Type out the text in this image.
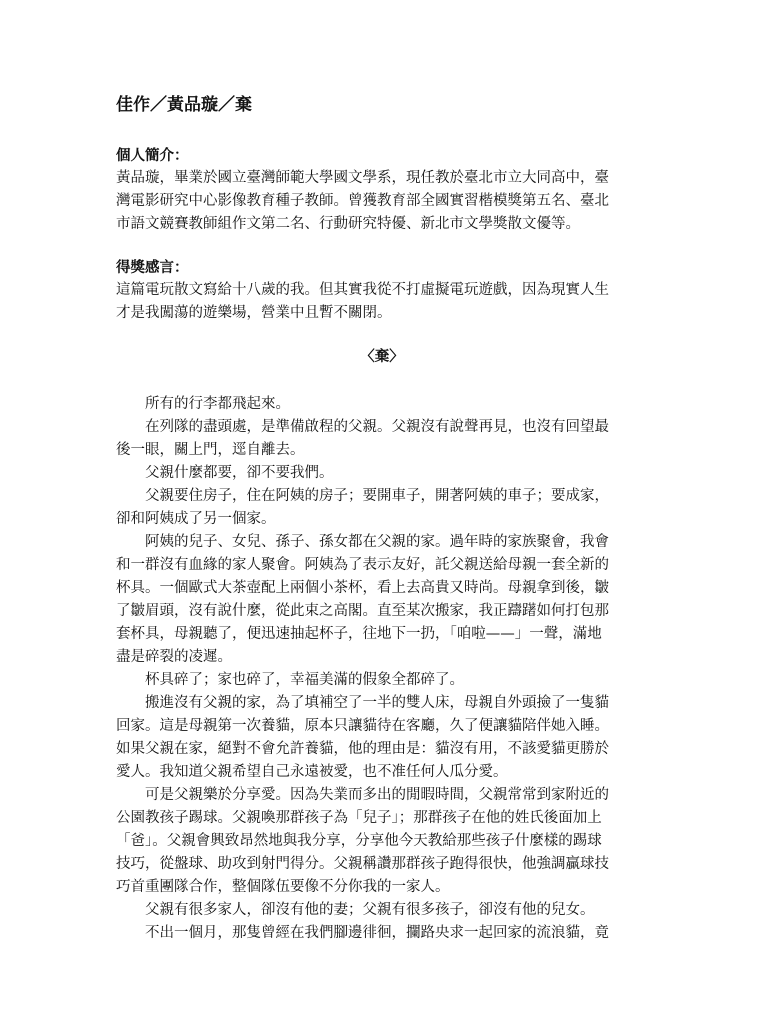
佳作／黃品璇／棄
個人簡介：
黃品璇，畢業於國立臺灣師範大學國文學系，現任教於臺北市立大同高中，臺
灣電影研究中心影像教育種子教師。曾獲教育部全國實習楷模獎第五名、臺北
市語文競賽教師組作文第二名、行動研究特優、新北市文學獎散文優等。
得獎感言：
這篇電玩散文寫給十八歲的我。但其實我從不打虛擬電玩遊戲，因為現實人生
才是我闖蕩的遊樂場，營業中且暫不關閉。
〈棄〉
所有的行李都飛起來。
在列隊的盡頭處，是準備啟程的父親。父親沒有說聲再見，也沒有回望最
後一眼，關上門，逕自離去。
父親什麼都要，卻不要我們。
父親要住房子，住在阿姨的房子；要開車子，開著阿姨的車子；要成家，
卻和阿姨成了另一個家。
阿姨的兒子、女兒、孫子、孫女都在父親的家。過年時的家族聚會，我會
和一群沒有血緣的家人聚會。阿姨為了表示友好，託父親送給母親一套全新的
杯具。一個歐式大茶壺配上兩個小茶杯，看上去高貴又時尚。母親拿到後，皺
了皺眉頭，沒有說什麼，從此束之高閣。直至某次搬家，我正躊躇如何打包那
套杯具，母親聽了，便迅速抽起杯子，往地下一扔，「咱啦——」一聲，滿地
盡是碎裂的凌遲。
杯具碎了；家也碎了，幸福美滿的假象全都碎了。
搬進沒有父親的家，為了填補空了一半的雙人床，母親自外頭撿了一隻貓
回家。這是母親第一次養貓，原本只讓貓待在客廳，久了便讓貓陪伴她入睡。
如果父親在家，絕對不會允許養貓，他的理由是：貓沒有用，不該愛貓更勝於
愛人。我知道父親希望自己永遠被愛，也不准任何人瓜分愛。
可是父親樂於分享愛。因為失業而多出的閒暇時間，父親常常到家附近的
公園教孩子踢球。父親喚那群孩子為「兒子」；那群孩子在他的姓氏後面加上
「爸」。父親會興致昂然地與我分享，分享他今天教給那些孩子什麼樣的踢球
技巧，從盤球、助攻到射門得分。父親稱讚那群孩子跑得很快，他強調贏球技
巧首重團隊合作，整個隊伍要像不分你我的一家人。
父親有很多家人，卻沒有他的妻；父親有很多孩子，卻沒有他的兒女。
不出一個月，那隻曾經在我們腳邊徘徊，攔路央求一起回家的流浪貓，竟
